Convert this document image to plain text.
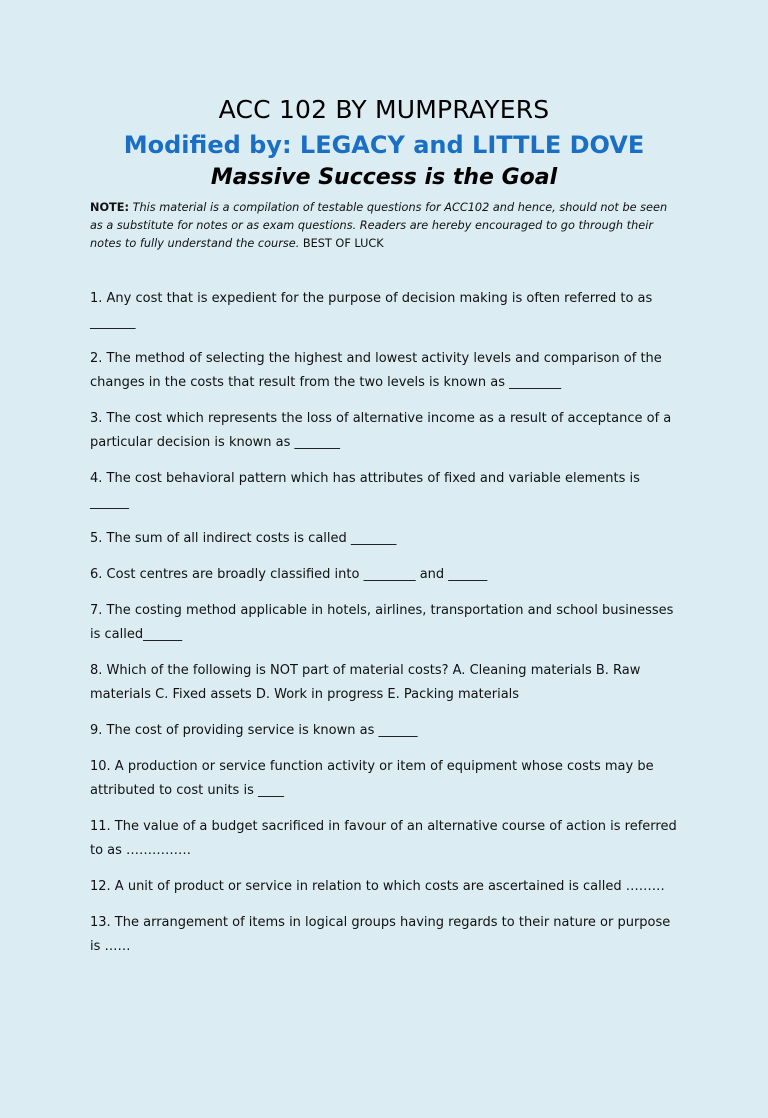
ACC 102 BY MUMPRAYERS
Modified by: LEGACY and LITTLE DOVE
Massive Success is the Goal

NOTE: This material is a compilation of testable questions for ACC102 and hence, should not be seen as a substitute for notes or as exam questions. Readers are hereby encouraged to go through their notes to fully understand the course. BEST OF LUCK

1. Any cost that is expedient for the purpose of decision making is often referred to as _______
2. The method of selecting the highest and lowest activity levels and comparison of the changes in the costs that result from the two levels is known as ________
3. The cost which represents the loss of alternative income as a result of acceptance of a particular decision is known as _______
4. The cost behavioral pattern which has attributes of fixed and variable elements is ______
5. The sum of all indirect costs is called _______
6. Cost centres are broadly classified into ________ and ______
7. The costing method applicable in hotels, airlines, transportation and school businesses is called______
8. Which of the following is NOT part of material costs? A. Cleaning materials B. Raw materials C. Fixed assets D. Work in progress E. Packing materials
9. The cost of providing service is known as ______
10. A production or service function activity or item of equipment whose costs may be attributed to cost units is ____
11. The value of a budget sacrificed in favour of an alternative course of action is referred to as ……………
12. A unit of product or service in relation to which costs are ascertained is called ………
13. The arrangement of items in logical groups having regards to their nature or purpose is ……
